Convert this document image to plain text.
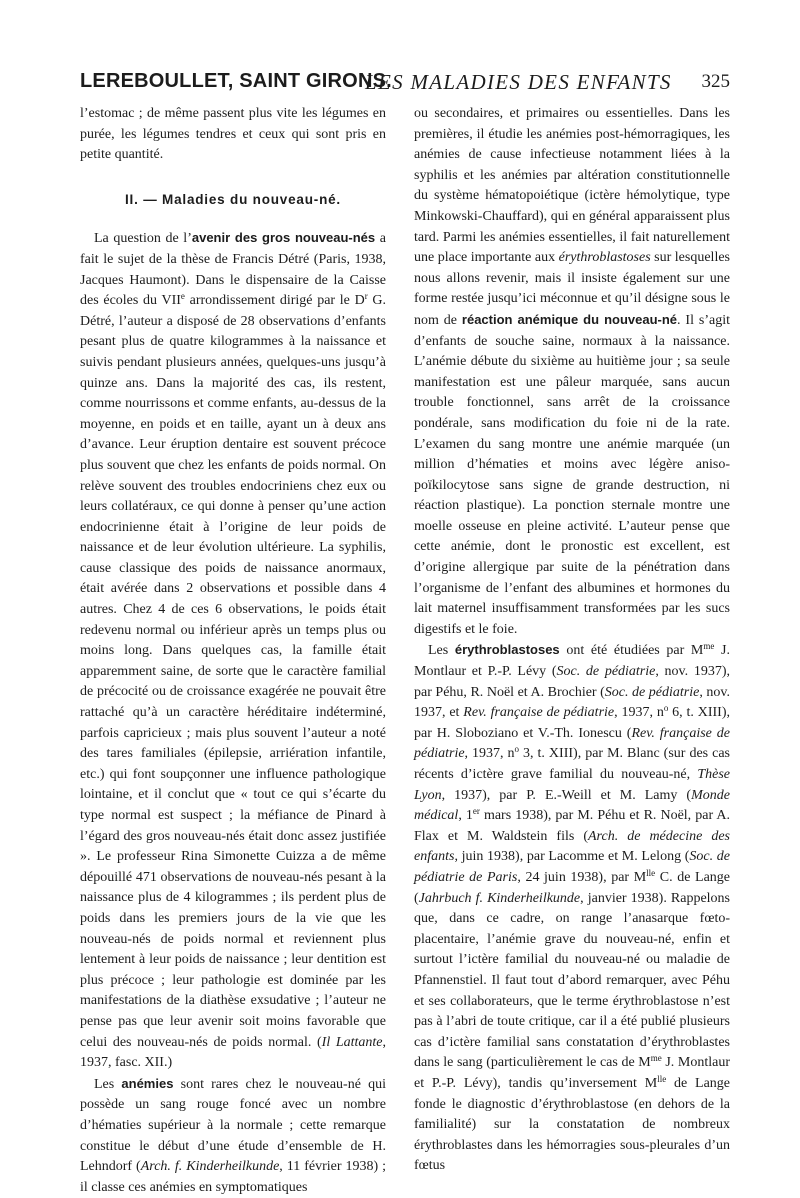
LEREBOULLET, SAINT GIRONS.
LES MALADIES DES ENFANTS 325

l’estomac ; de même passent plus vite les légumes en purée, les légumes tendres et ceux qui sont pris en petite quantité.

II. — Maladies du nouveau-né.

La question de l’avenir des gros nouveau-nés a fait le sujet de la thèse de Francis Détré (Paris, 1938, Jacques Haumont). Dans le dispensaire de la Caisse des écoles du VIIe arrondissement dirigé par le $D^r$ G. Détré, l’auteur a disposé de 28 observations d’enfants pesant plus de quatre kilogrammes à la naissance et suivis pendant plusieurs années, quelques-uns jusqu’à quinze ans. Dans la majorité des cas, ils restent, comme nourrissons et comme enfants, au-dessus de la moyenne, en poids et en taille, ayant un à deux ans d’avance. Leur éruption dentaire est souvent précoce plus souvent que chez les enfants de poids normal. On relève souvent des troubles endocriniens chez eux ou leurs collatéraux, ce qui donne à penser qu’une action endocrinienne était à l’origine de leur poids de naissance et de leur évolution ultérieure. La syphilis, cause classique des poids de naissance anormaux, était avérée dans 2 observations et possible dans 4 autres. Chez 4 de ces 6 observations, le poids était redevenu normal ou inférieur après un temps plus ou moins long. Dans quelques cas, la famille était apparemment saine, de sorte que le caractère familial de précocité ou de croissance exagérée ne pouvait être rattaché qu’à un caractère héréditaire indéterminé, parfois capricieux ; mais plus souvent l’auteur a noté des tares familiales (épilepsie, arriération infantile, etc.) qui font soupçonner une influence pathologique lointaine, et il conclut que « tout ce qui s’écarte du type normal est suspect ; la méfiance de Pinard à l’égard des gros nouveau-nés était donc assez justifiée ». Le professeur Rina Simonette Cuizza a de même dépouillé 471 observations de nouveau-nés pesant à la naissance plus de 4 kilogrammes ; ils perdent plus de poids dans les premiers jours de la vie que les nouveau-nés de poids normal et reviennent plus lentement à leur poids de naissance ; leur dentition est plus précoce ; leur pathologie est dominée par les manifestations de la diathèse exsudative ; l’auteur ne pense pas que leur avenir soit moins favorable que celui des nouveau-nés de poids normal. (Il Lattante, 1937, fasc. XII.)

Les anémies sont rares chez le nouveau-né qui possède un sang rouge foncé avec un nombre d’hématies supérieur à la normale ; cette remarque constitue le début d’une étude d’ensemble de H. Lehndorf (Arch. f. Kinderheilkunde, 11 février 1938) ; il classe ces anémies en symptomatiques

ou secondaires, et primaires ou essentielles. Dans les premières, il étudie les anémies post-hémorragiques, les anémies de cause infectieuse notamment liées à la syphilis et les anémies par altération constitutionnelle du système hématopoiétique (ictère hémolytique, type Minkowski-Chauffard), qui en général apparaissent plus tard. Parmi les anémies essentielles, il fait naturellement une place importante aux érythroblastoses sur lesquelles nous allons revenir, mais il insiste également sur une forme restée jusqu’ici méconnue et qu’il désigne sous le nom de réaction anémique du nouveau-né. Il s’agit d’enfants de souche saine, normaux à la naissance. L’anémie débute du sixième au huitième jour ; sa seule manifestation est une pâleur marquée, sans aucun trouble fonctionnel, sans arrêt de la croissance pondérale, sans modification du foie ni de la rate. L’examen du sang montre une anémie marquée (un million d’hématies et moins avec légère aniso-poïkilocytose sans signe de grande destruction, ni réaction plastique). La ponction sternale montre une moelle osseuse en pleine activité. L’auteur pense que cette anémie, dont le pronostic est excellent, est d’origine allergique par suite de la pénétration dans l’organisme de l’enfant des albumines et hormones du lait maternel insuffisamment transformées par les sucs digestifs et le foie.

Les érythroblastoses ont été étudiées par $M^{me}$ J. Montlaur et P.-P. Lévy (Soc. de pédiatrie, nov. 1937), par Péhu, R. Noël et A. Brochier (Soc. de pédiatrie, nov. 1937, et Rev. française de pédiatrie, 1937, $n^o$ 6, t. XIII), par H. Sloboziano et V.-Th. Ionescu (Rev. française de pédiatrie, 1937, $n^o$ 3, t. XIII), par M. Blanc (sur des cas récents d’ictère grave familial du nouveau-né, Thèse Lyon, 1937), par P. E.-Weill et M. Lamy (Monde médical, 1er mars 1938), par M. Péhu et R. Noël, par A. Flax et M. Waldstein fils (Arch. de médecine des enfants, juin 1938), par Lacomme et M. Lelong (Soc. de pédiatrie de Paris, 24 juin 1938), par $M^{lle}$ C. de Lange (Jahrbuch f. Kinderheilkunde, janvier 1938). Rappelons que, dans ce cadre, on range l’anasarque fœto-placentaire, l’anémie grave du nouveau-né, enfin et surtout l’ictère familial du nouveau-né ou maladie de Pfannenstiel. Il faut tout d’abord remarquer, avec Péhu et ses collaborateurs, que le terme érythroblastose n’est pas à l’abri de toute critique, car il a été publié plusieurs cas d’ictère familial sans constatation d’érythroblastes dans le sang (particulièrement le cas de $M^{me}$ J. Montlaur et P.-P. Lévy), tandis qu’inversement $M^{lle}$ de Lange fonde le diagnostic d’érythroblastose (en dehors de la familialité) sur la constatation de nombreux érythroblastes dans les hémorragies sous-pleurales d’un fœtus
